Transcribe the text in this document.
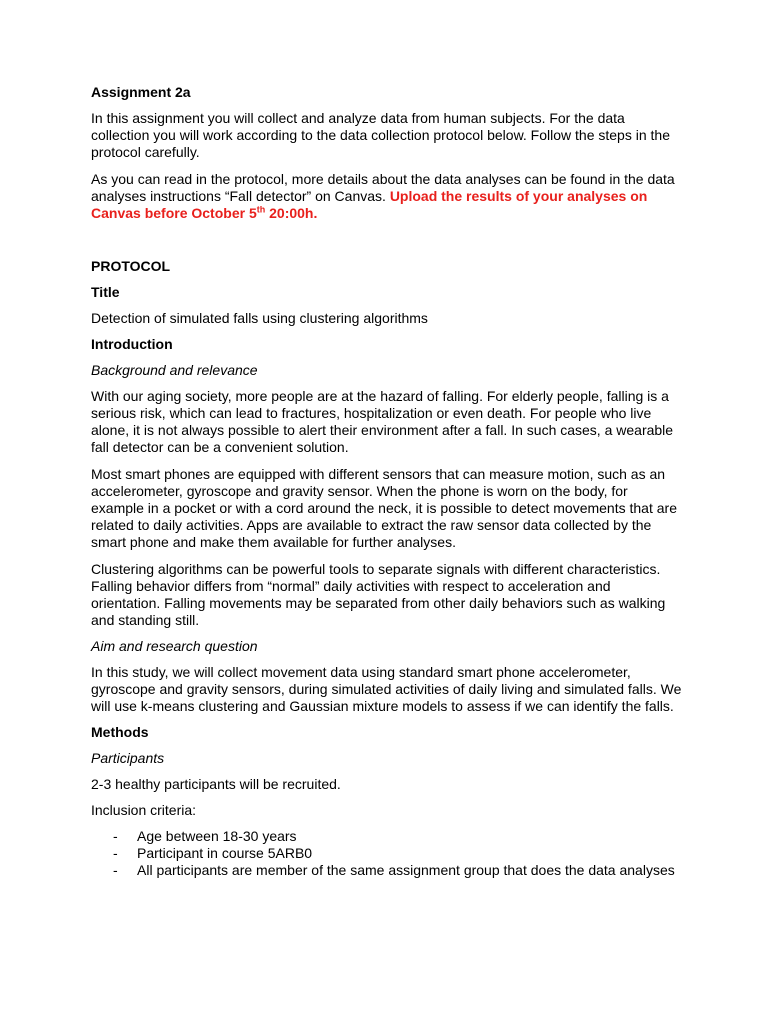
Assignment 2a

In this assignment you will collect and analyze data from human subjects. For the data collection you will work according to the data collection protocol below. Follow the steps in the protocol carefully.

As you can read in the protocol, more details about the data analyses can be found in the data analyses instructions “Fall detector” on Canvas. Upload the results of your analyses on Canvas before October 5th 20:00h.

PROTOCOL

Title

Detection of simulated falls using clustering algorithms

Introduction

Background and relevance

With our aging society, more people are at the hazard of falling. For elderly people, falling is a serious risk, which can lead to fractures, hospitalization or even death. For people who live alone, it is not always possible to alert their environment after a fall. In such cases, a wearable fall detector can be a convenient solution.

Most smart phones are equipped with different sensors that can measure motion, such as an accelerometer, gyroscope and gravity sensor. When the phone is worn on the body, for example in a pocket or with a cord around the neck, it is possible to detect movements that are related to daily activities. Apps are available to extract the raw sensor data collected by the smart phone and make them available for further analyses.

Clustering algorithms can be powerful tools to separate signals with different characteristics. Falling behavior differs from “normal” daily activities with respect to acceleration and orientation. Falling movements may be separated from other daily behaviors such as walking and standing still.

Aim and research question

In this study, we will collect movement data using standard smart phone accelerometer, gyroscope and gravity sensors, during simulated activities of daily living and simulated falls. We will use k-means clustering and Gaussian mixture models to assess if we can identify the falls.

Methods

Participants

2-3 healthy participants will be recruited.

Inclusion criteria:

- Age between 18-30 years
- Participant in course 5ARB0
- All participants are member of the same assignment group that does the data analyses
